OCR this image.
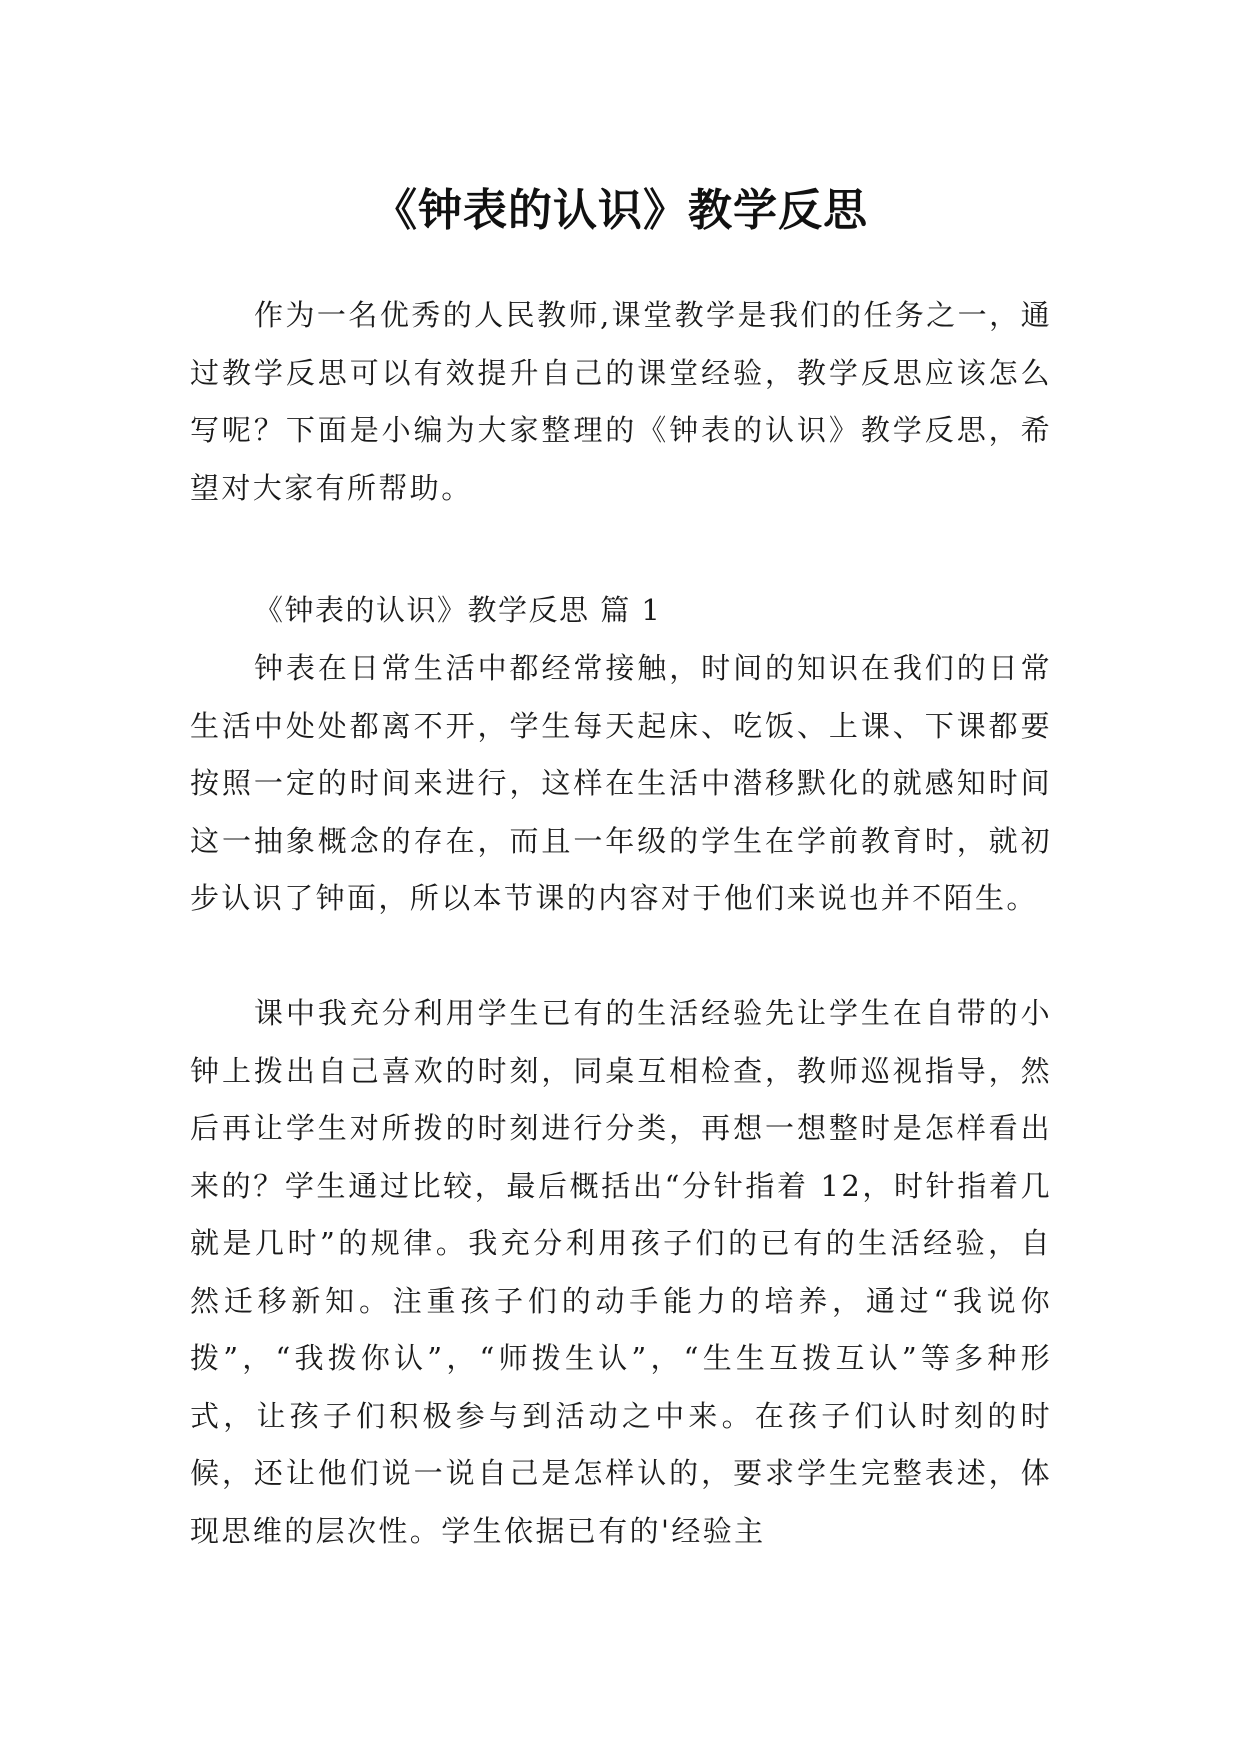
《钟表的认识》教学反思

作为一名优秀的人民教师,课堂教学是我们的任务之一，通过教学反思可以有效提升自己的课堂经验，教学反思应该怎么写呢？下面是小编为大家整理的《钟表的认识》教学反思，希望对大家有所帮助。

《钟表的认识》教学反思 篇 1

钟表在日常生活中都经常接触，时间的知识在我们的日常生活中处处都离不开，学生每天起床、吃饭、上课、下课都要按照一定的时间来进行，这样在生活中潜移默化的就感知时间这一抽象概念的存在，而且一年级的学生在学前教育时，就初步认识了钟面，所以本节课的内容对于他们来说也并不陌生。

课中我充分利用学生已有的生活经验先让学生在自带的小钟上拨出自己喜欢的时刻，同桌互相检查，教师巡视指导，然后再让学生对所拨的时刻进行分类，再想一想整时是怎样看出来的？学生通过比较，最后概括出“分针指着 12，时针指着几就是几时”的规律。我充分利用孩子们的已有的生活经验，自然迁移新知。注重孩子们的动手能力的培养，通过“我说你拨”，“我拨你认”，“师拨生认”，“生生互拨互认”等多种形式，让孩子们积极参与到活动之中来。在孩子们认时刻的时候，还让他们说一说自己是怎样认的，要求学生完整表述，体现思维的层次性。学生依据已有的'经验主
